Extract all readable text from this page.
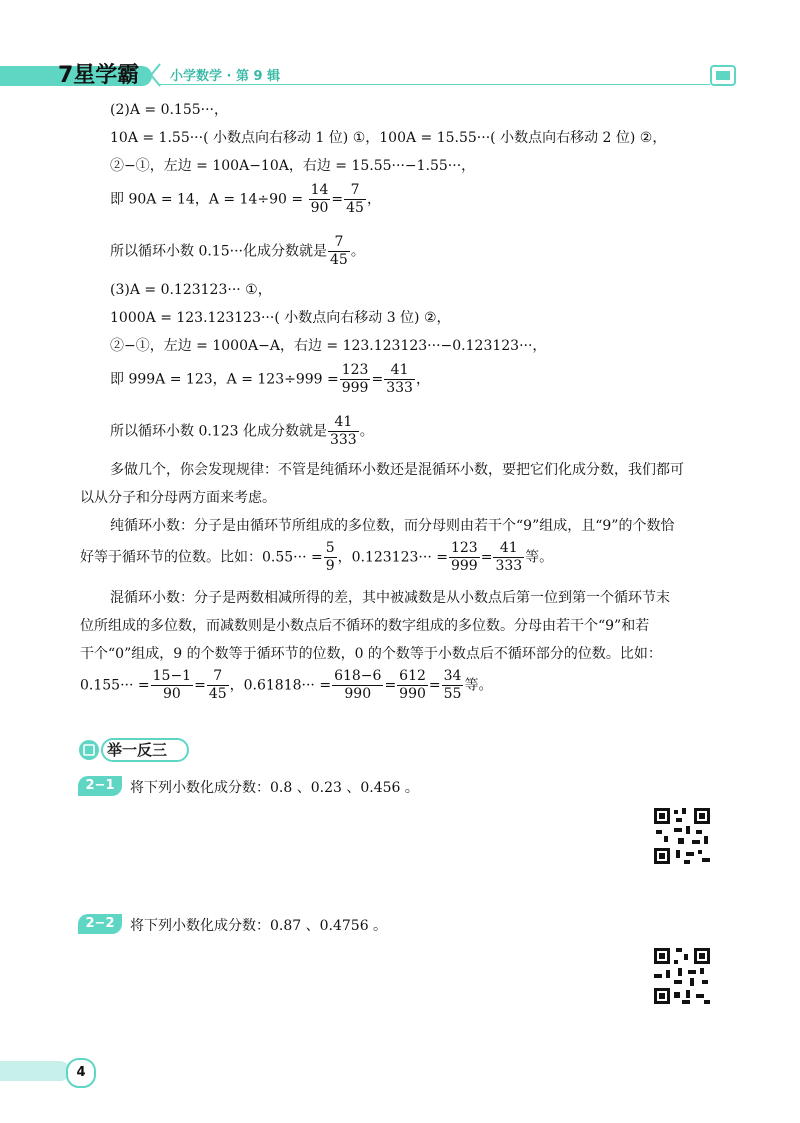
7星学霸 小学数学 · 第 9 辑
(2)A = 0.155···，
10A = 1.55···( 小数点向右移动 1 位) ①，100A = 15.55···( 小数点向右移动 2 位) ②，
②−①，左边 = 100A−10A，右边 = 15.55···−1.55···，
即 90A = 14，$A = 14\div 90 = \frac{14}{90} = \frac{7}{45}$ ，
所以循环小数 0.15···化成分数就是 $\frac{7}{45}$ 。
(3)A = 0.123123··· ①，
1000A = 123.123123···( 小数点向右移动 3 位) ②，
②−①，左边 = 1000A−A，右边 = 123.123123···−0.123123···，
即 999A = 123，$A = 123\div 999 = \frac{123}{999} = \frac{41}{333}$ ，
所以循环小数 0.123 化成分数就是 $\frac{41}{333}$ 。
多做几个，你会发现规律：不管是纯循环小数还是混循环小数，要把它们化成分数，我们都可
以从分子和分母两方面来考虑。
纯循环小数：分子是由循环节所组成的多位数，而分母则由若干个“9”组成，且“9”的个数恰
好等于循环节的位数。比如：$0.55\cdot\cdot\cdot = \frac{5}{9}$ ，$0.123123\cdot\cdot\cdot = \frac{123}{999} = \frac{41}{333}$ 等。
混循环小数：分子是两数相减所得的差，其中被减数是从小数点后第一位到第一个循环节末
位所组成的多位数，而减数则是小数点后不循环的数字组成的多位数。分母由若干个“9”和若
干个“0”组成，9 的个数等于循环节的位数，0 的个数等于小数点后不循环部分的位数。比如：
$0.155\cdot\cdot\cdot = \frac{15-1}{90} = \frac{7}{45}$ ，$0.61818\cdot\cdot\cdot = \frac{618-6}{990} = \frac{612}{990} = \frac{34}{55}$ 等。
举一反三
2−1	将下列小数化成分数：0.8 、0.23 、0.456 。
2−2	将下列小数化成分数：0.87 、0.4756 。
4
